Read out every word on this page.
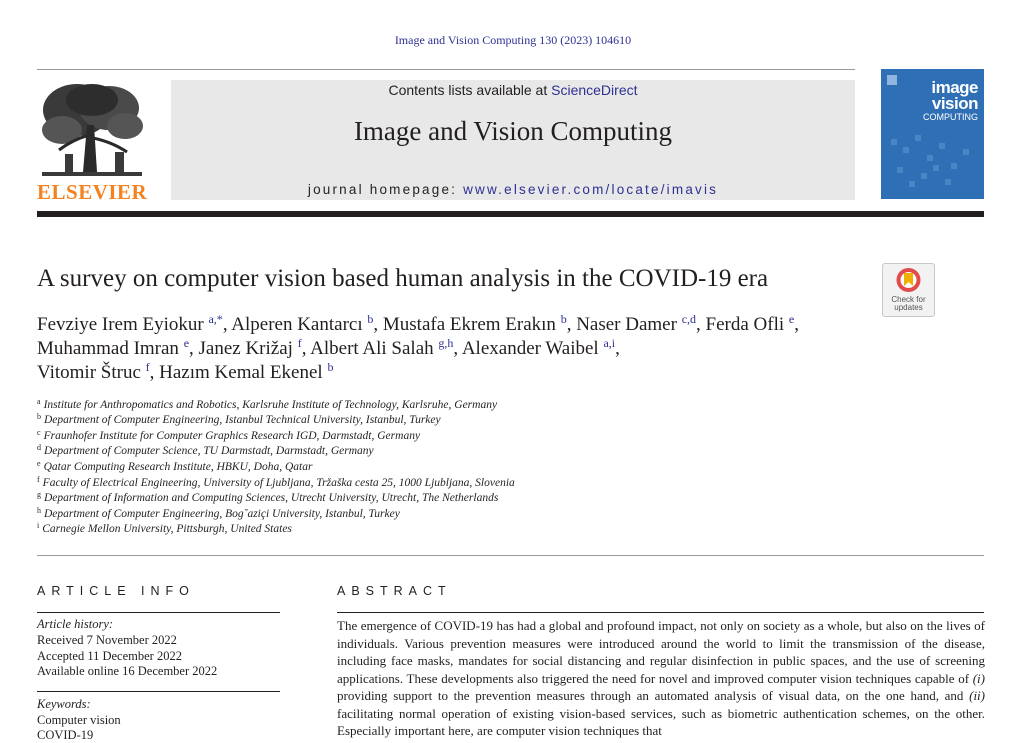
Image and Vision Computing 130 (2023) 104610
ELSEVIER
Contents lists available at ScienceDirect
Image and Vision Computing
journal homepage: www.elsevier.com/locate/imavis
image
vision
COMPUTING
A survey on computer vision based human analysis in the COVID-19 era
Check for updates
Fevziye Irem Eyiokur $^{a,*}$, Alperen Kantarcı $^b$, Mustafa Ekrem Erakın $^b$, Naser Damer $^{c,d}$, Ferda Ofli $^e$,
Muhammad Imran $^e$, Janez Križaj $^f$, Albert Ali Salah $^{g,h}$, Alexander Waibel $^{a,i}$,
Vitomir Štruc $^f$, Hazım Kemal Ekenel $^b$
$^a$ Institute for Anthropomatics and Robotics, Karlsruhe Institute of Technology, Karlsruhe, Germany
$^b$ Department of Computer Engineering, Istanbul Technical University, Istanbul, Turkey
$^c$ Fraunhofer Institute for Computer Graphics Research IGD, Darmstadt, Germany
$^d$ Department of Computer Science, TU Darmstadt, Darmstadt, Germany
$^e$ Qatar Computing Research Institute, HBKU, Doha, Qatar
$^f$ Faculty of Electrical Engineering, University of Ljubljana, Tržaška cesta 25, 1000 Ljubljana, Slovenia
$^g$ Department of Information and Computing Sciences, Utrecht University, Utrecht, The Netherlands
$^h$ Department of Computer Engineering, Bog˘aziçi University, Istanbul, Turkey
$^i$ Carnegie Mellon University, Pittsburgh, United States
ARTICLE INFO
Article history:
Received 7 November 2022
Accepted 11 December 2022
Available online 16 December 2022
Keywords:
Computer vision
COVID-19
ABSTRACT
The emergence of COVID-19 has had a global and profound impact, not only on society as a whole, but also on the lives of individuals. Various prevention measures were introduced around the world to limit the transmission of the disease, including face masks, mandates for social distancing and regular disinfection in public spaces, and the use of screening applications. These developments also triggered the need for novel and improved computer vision techniques capable of (i) providing support to the prevention measures through an automated analysis of visual data, on the one hand, and (ii) facilitating normal operation of existing vision-based services, such as biometric authentication schemes, on the other. Especially important here, are computer vision techniques that
